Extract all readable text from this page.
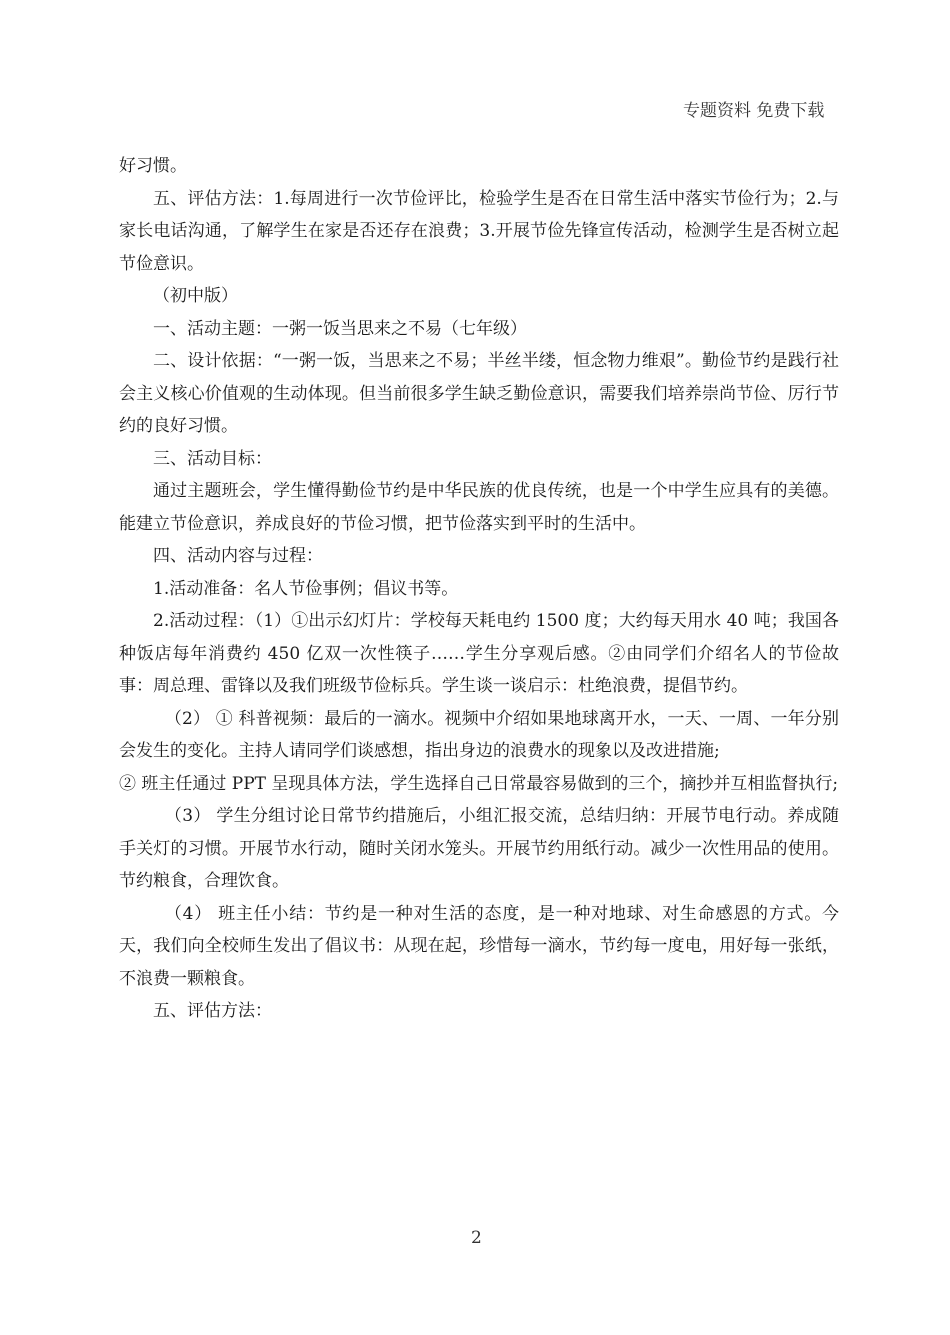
专题资料 免费下载

好习惯。

五、评估方法：1.每周进行一次节俭评比，检验学生是否在日常生活中落实节俭行为；2.与家长电话沟通，了解学生在家是否还存在浪费；3.开展节俭先锋宣传活动，检测学生是否树立起节俭意识。

（初中版）

一、活动主题：一粥一饭当思来之不易（七年级）

二、设计依据：“一粥一饭，当思来之不易；半丝半缕，恒念物力维艰”。勤俭节约是践行社会主义核心价值观的生动体现。但当前很多学生缺乏勤俭意识，需要我们培养崇尚节俭、厉行节约的良好习惯。

三、活动目标：

通过主题班会，学生懂得勤俭节约是中华民族的优良传统，也是一个中学生应具有的美德。能建立节俭意识，养成良好的节俭习惯，把节俭落实到平时的生活中。

四、活动内容与过程：

1.活动准备：名人节俭事例；倡议书等。

2.活动过程：（1）①出示幻灯片：学校每天耗电约 1500 度；大约每天用水 40 吨；我国各种饭店每年消费约 450 亿双一次性筷子……学生分享观后感。②由同学们介绍名人的节俭故事：周总理、雷锋以及我们班级节俭标兵。学生谈一谈启示：杜绝浪费，提倡节约。

（2） ① 科普视频：最后的一滴水。视频中介绍如果地球离开水，一天、一周、一年分别会发生的变化。主持人请同学们谈感想，指出身边的浪费水的现象以及改进措施;

② 班主任通过 PPT 呈现具体方法，学生选择自己日常最容易做到的三个，摘抄并互相监督执行;

（3） 学生分组讨论日常节约措施后，小组汇报交流，总结归纳：开展节电行动。养成随手关灯的习惯。开展节水行动，随时关闭水笼头。开展节约用纸行动。减少一次性用品的使用。节约粮食，合理饮食。

（4） 班主任小结：节约是一种对生活的态度，是一种对地球、对生命感恩的方式。今天，我们向全校师生发出了倡议书：从现在起，珍惜每一滴水，节约每一度电，用好每一张纸，不浪费一颗粮食。

五、评估方法：

2
